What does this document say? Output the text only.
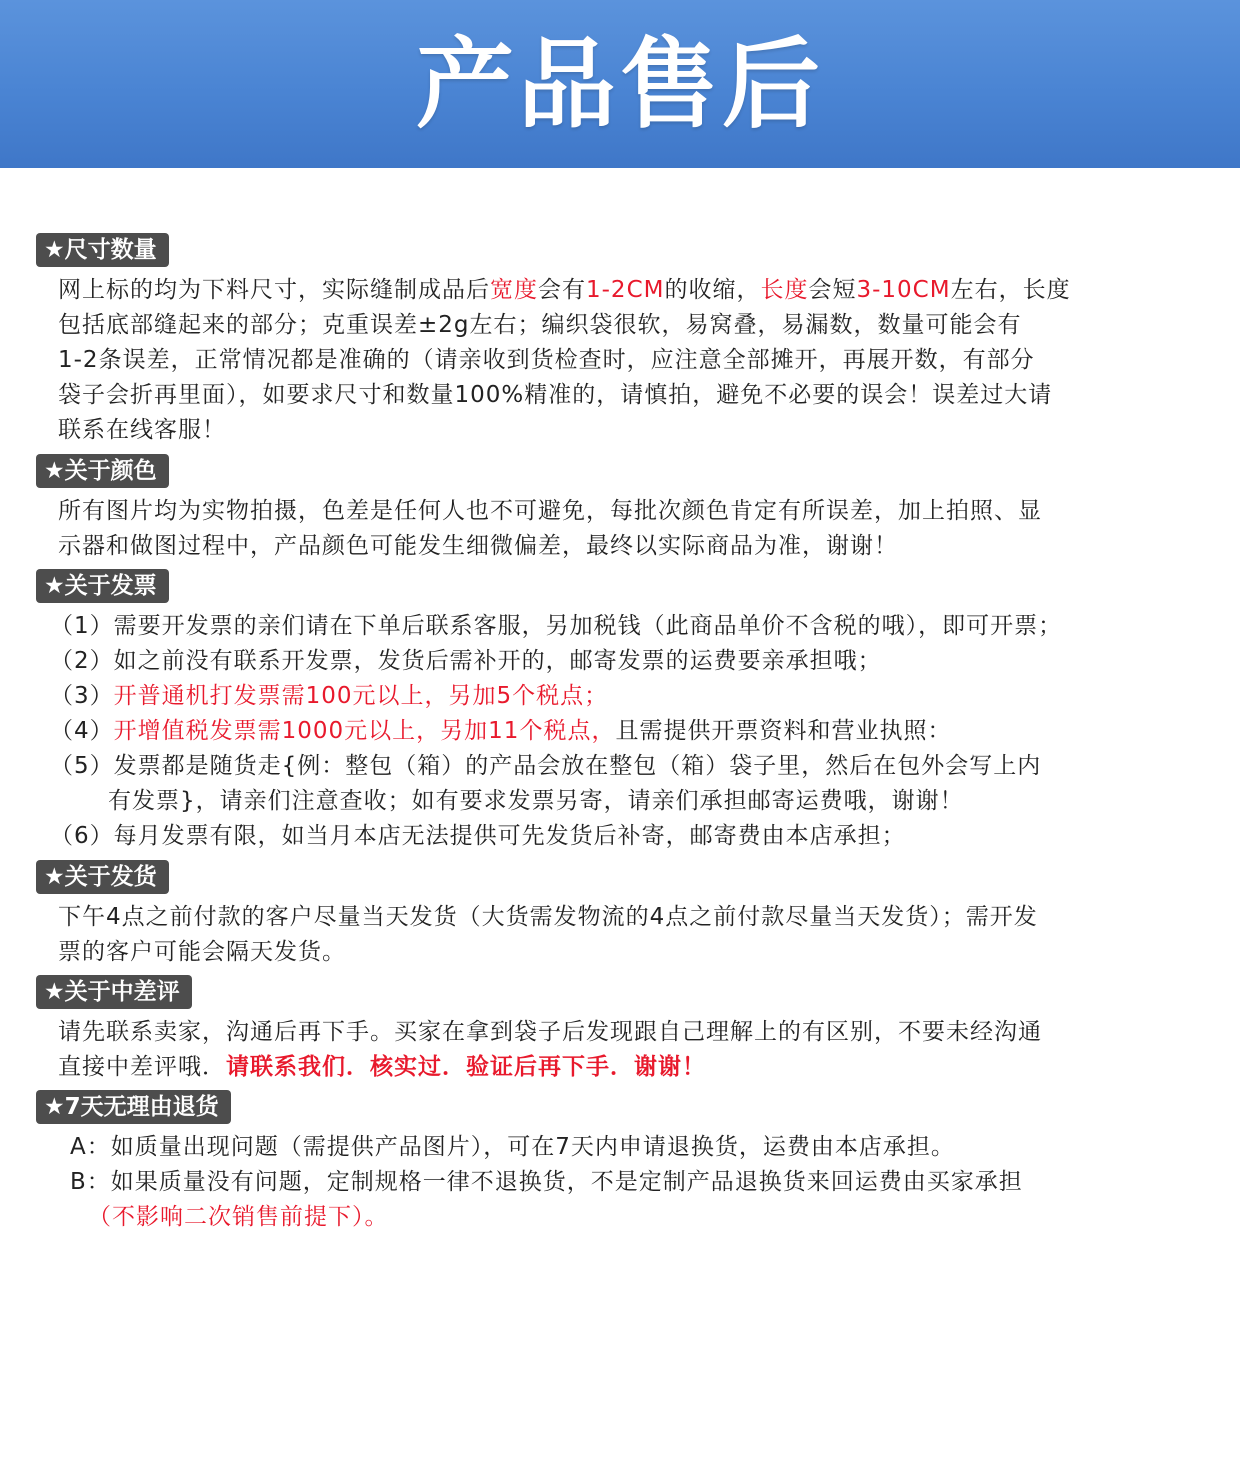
产品售后
★尺寸数量
网上标的均为下料尺寸，实际缝制成品后宽度会有1-2CM的收缩，长度会短3-10CM左右，长度
包括底部缝起来的部分；克重误差±2g左右；编织袋很软，易窝叠，易漏数，数量可能会有
1-2条误差，正常情况都是准确的（请亲收到货检查时，应注意全部摊开，再展开数，有部分
袋子会折再里面），如要求尺寸和数量100%精准的，请慎拍，避免不必要的误会！误差过大请
联系在线客服！
★关于颜色
所有图片均为实物拍摄，色差是任何人也不可避免，每批次颜色肯定有所误差，加上拍照、显
示器和做图过程中，产品颜色可能发生细微偏差，最终以实际商品为准，谢谢！
★关于发票
（1）需要开发票的亲们请在下单后联系客服，另加税钱（此商品单价不含税的哦），即可开票；
（2）如之前没有联系开发票，发货后需补开的，邮寄发票的运费要亲承担哦；
（3）开普通机打发票需100元以上，另加5个税点；
（4）开增值税发票需1000元以上，另加11个税点，且需提供开票资料和营业执照：
（5）发票都是随货走{例：整包（箱）的产品会放在整包（箱）袋子里，然后在包外会写上内
有发票}，请亲们注意查收；如有要求发票另寄，请亲们承担邮寄运费哦，谢谢！
（6）每月发票有限，如当月本店无法提供可先发货后补寄，邮寄费由本店承担；
★关于发货
下午4点之前付款的客户尽量当天发货（大货需发物流的4点之前付款尽量当天发货）；需开发
票的客户可能会隔天发货。
★关于中差评
请先联系卖家，沟通后再下手。买家在拿到袋子后发现跟自己理解上的有区别，不要未经沟通
直接中差评哦．请联系我们．核实过．验证后再下手．谢谢！
★7天无理由退货
A：如质量出现问题（需提供产品图片），可在7天内申请退换货，运费由本店承担。
B：如果质量没有问题，定制规格一律不退换货，不是定制产品退换货来回运费由买家承担
（不影响二次销售前提下）。
